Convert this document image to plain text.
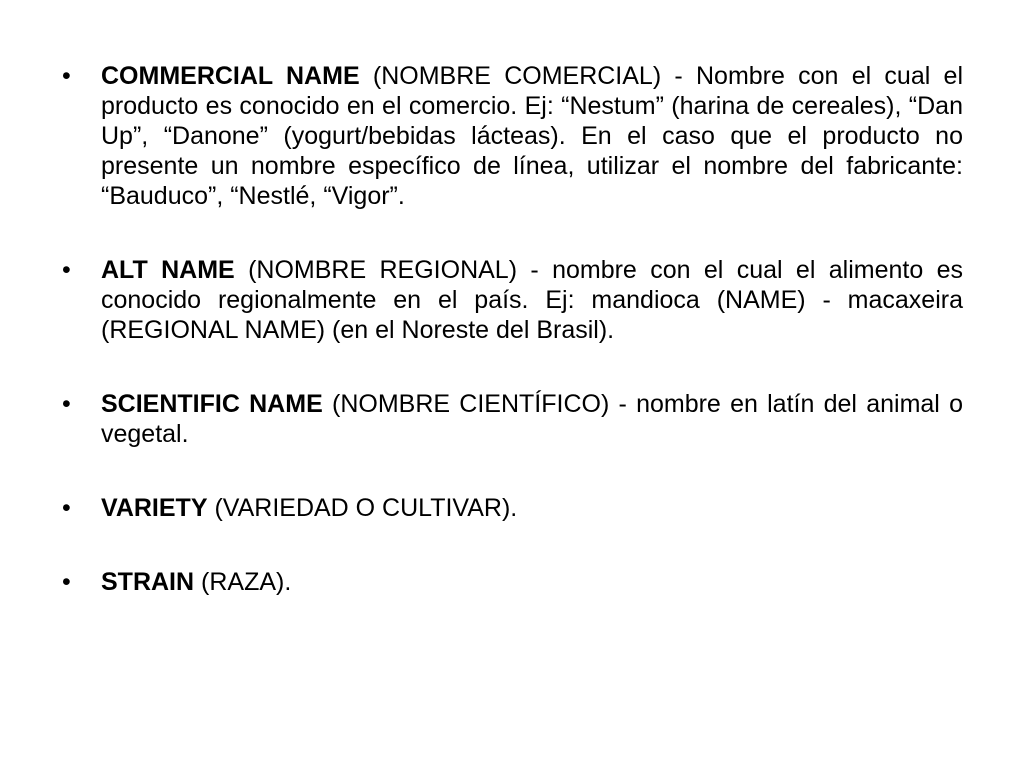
•	COMMERCIAL NAME (NOMBRE COMERCIAL) - Nombre con el cual el producto es conocido en el comercio. Ej: “Nestum” (harina de cereales), “Dan Up”, “Danone” (yogurt/bebidas lácteas). En el caso que el producto no presente un nombre específico de línea, utilizar el nombre del fabricante: “Bauduco”, “Nestlé, “Vigor”.
•	ALT NAME (NOMBRE REGIONAL) - nombre con el cual el alimento es conocido regionalmente en el país. Ej: mandioca (NAME) - macaxeira (REGIONAL NAME) (en el Noreste del Brasil).
•	SCIENTIFIC NAME (NOMBRE CIENTÍFICO) - nombre en latín del animal o vegetal.
•	VARIETY (VARIEDAD O CULTIVAR).
•	STRAIN (RAZA).
